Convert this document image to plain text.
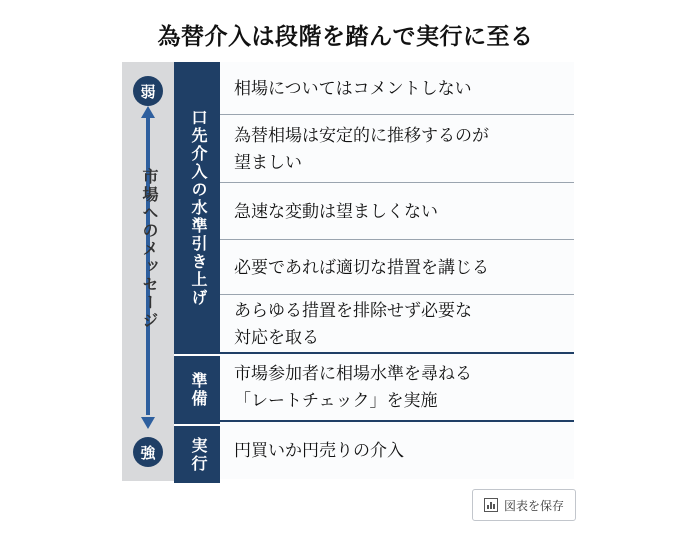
為替介入は段階を踏んで実行に至る
弱
市場へのメッセージ
強
口先介入の水準引き上げ
準備
実行
相場についてはコメントしない
為替相場は安定的に推移するのが
望ましい
急速な変動は望ましくない
必要であれば適切な措置を講じる
あらゆる措置を排除せず必要な
対応を取る
市場参加者に相場水準を尋ねる
「レートチェック」を実施
円買いか円売りの介入
図表を保存
